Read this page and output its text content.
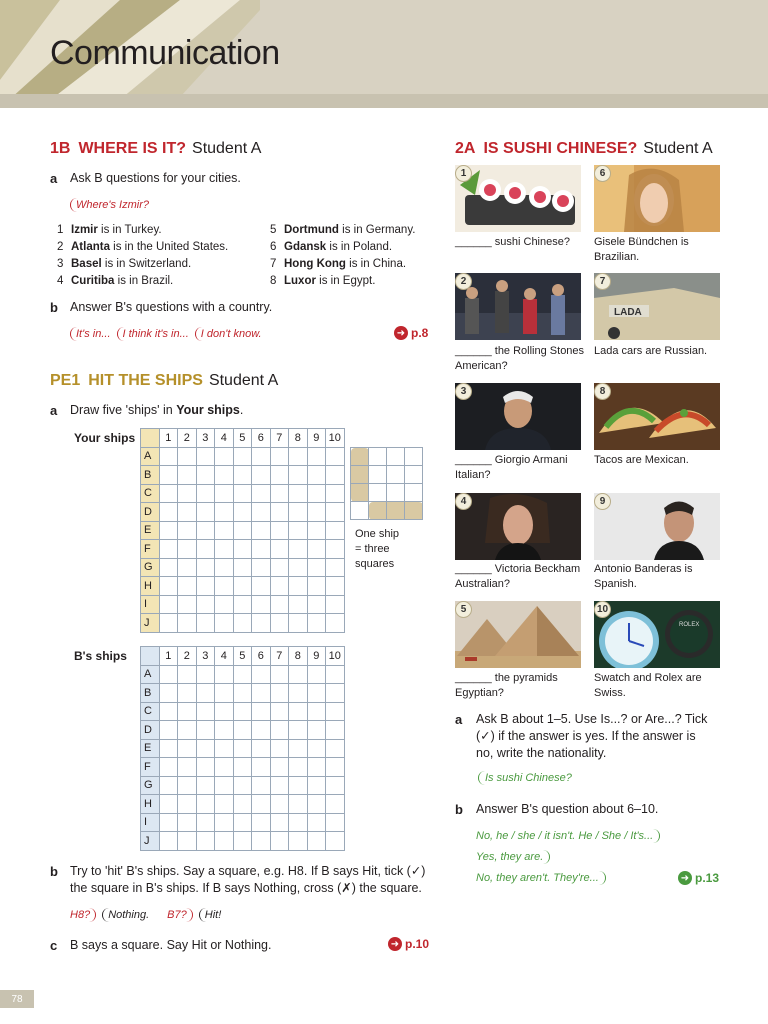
Communication
1B WHERE IS IT? Student A
a Ask B questions for your cities.
Where's Izmir?
1 Izmir is in Turkey.
2 Atlanta is in the United States.
3 Basel is in Switzerland.
4 Curitiba is in Brazil.
5 Dortmund is in Germany.
6 Gdansk is in Poland.
7 Hong Kong is in China.
8 Luxor is in Egypt.
b Answer B's questions with a country.
It's in...	I think it's in...	I don't know.	➜ p.8
PE1 HIT THE SHIPS Student A
a Draw five 'ships' in Your ships.
Your ships
		1	2	3	4	5	6	7	8	9	10
A										
B										
C										
D										
E										
F										
G										
H										
I										
J										

One ship
= three
squares
B's ships
		1	2	3	4	5	6	7	8	9	10
A										
B										
C										
D										
E										
F										
G										
H										
I										
J										
b Try to 'hit' B's ships. Say a square, e.g. H8. If B says Hit, tick (✓) the square in B's ships. If B says Nothing, cross (✗) the square.
H8?	Nothing. B7?	Hit!
c B says a square. Say Hit or Nothing.	➜ p.10
2A IS SUSHI CHINESE? Student A
1
______ sushi Chinese?
6
Gisele Bündchen is Brazilian.
2
______ the Rolling Stones American?
LADA
7
Lada cars are Russian.
3
______ Giorgio Armani Italian?
8
Tacos are Mexican.
4
______ Victoria Beckham Australian?
9
Antonio Banderas is Spanish.
5
______ the pyramids Egyptian?
ROLEX
10
Swatch and Rolex are Swiss.
a Ask B about 1–5. Use Is...? or Are...? Tick (✓) if the answer is yes. If the answer is no, write the nationality.
Is sushi Chinese?
b Answer B's question about 6–10.
No, he / she / it isn't. He / She / It's...
Yes, they are.
No, they aren't. They're...	➜ p.13
78
